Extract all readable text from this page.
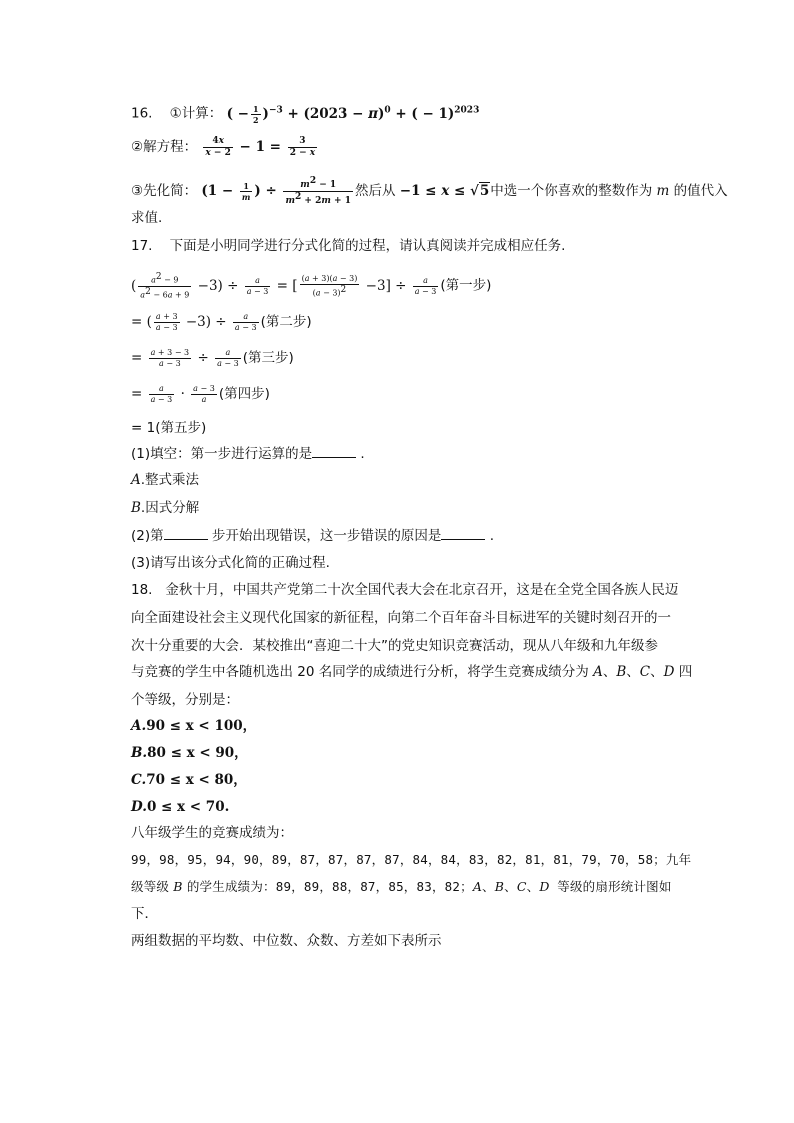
16. ①计算： ( − $\frac{1}{2} )^{-3} + (2023 - \pi)^0$ + ( − 1)$^{2023}$
②解方程： $\frac{4x}{x - 2} - 1 = \frac{3}{2 - x}$
③先化简： ($1 - \frac{1}{m}$ ) ÷ $\frac{m^2 - 1}{m^2 + 2m + 1}$ 然后从 −1 ≤ x ≤ √5中选一个你喜欢的整数作为 m 的值代入
求值.
17. 下面是小明同学进行分式化简的过程，请认真阅读并完成相应任务.
( $\frac{a^2 - 9}{a^2 - 6a + 9} -3) \div \frac{a}{a - 3}$ = [ $\frac{(a + 3)(a - 3)}{(a - 3)^2} -3] \div \frac{a}{a - 3}$ (第一步)
= ( $\frac{a + 3}{a - 3} -3) \div \frac{a}{a - 3}$ (第二步)
= $\frac{a + 3 - 3}{a - 3} \div \frac{a}{a - 3}$ (第三步)
= $\frac{a}{a - 3} \cdot \frac{a - 3}{a}$ (第四步)
= 1(第五步)
(1)填空：第一步进行运算的是	.
A.整式乘法
B.因式分解
(2)第	步开始出现错误，这一步错误的原因是	.
(3)请写出该分式化简的正确过程.
18. 金秋十月，中国共产党第二十次全国代表大会在北京召开，这是在全党全国各族人民迈
向全面建设社会主义现代化国家的新征程，向第二个百年奋斗目标进军的关键时刻召开的一
次十分重要的大会．某校推出“喜迎二十大”的党史知识竞赛活动，现从八年级和九年级参
与竞赛的学生中各随机选出 20 名同学的成绩进行分析，将学生竞赛成绩分为 A、B、C、D 四
个等级，分别是：
A.90 ≤ x < 100，
B.80 ≤ x < 90，
C.70 ≤ x < 80，
D.0 ≤ x < 70.
八年级学生的竞赛成绩为：
99，98，95，94，90，89，87，87，87，87，84，84，83，82，81，81，79，70，58；九年
级等级 B 的学生成绩为：89，89，88，87，85，83，82；A、B、C、D 等级的扇形统计图如
下．
两组数据的平均数、中位数、众数、方差如下表所示
